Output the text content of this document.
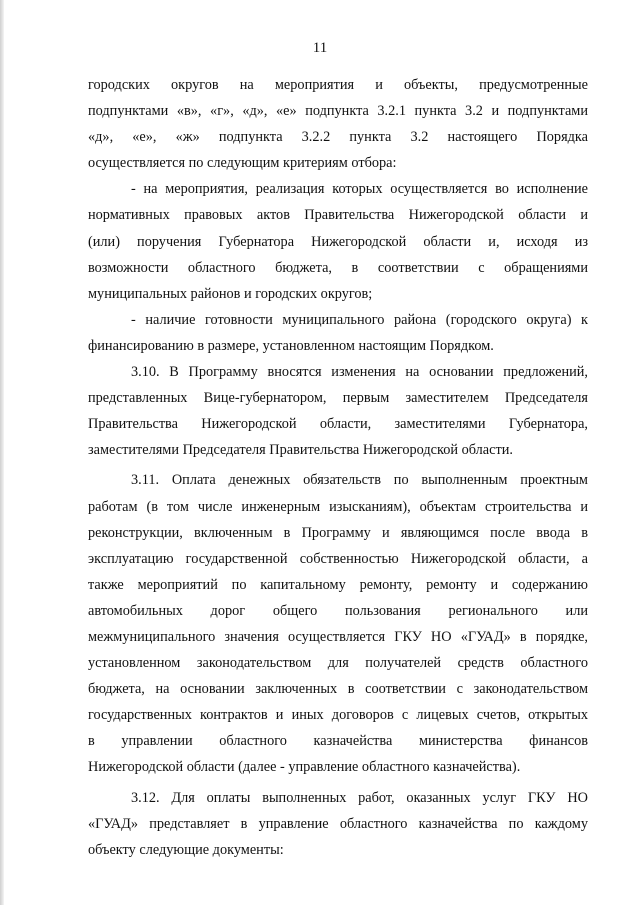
11
городских округов на мероприятия и объекты, предусмотренные
подпунктами «в», «г», «д», «е» подпункта 3.2.1 пункта 3.2 и подпунктами
«д», «е», «ж» подпункта 3.2.2 пункта 3.2 настоящего Порядка
осуществляется по следующим критериям отбора:
- на мероприятия, реализация которых осуществляется во исполнение
нормативных правовых актов Правительства Нижегородской области и
(или) поручения Губернатора Нижегородской области и, исходя из
возможности областного бюджета, в соответствии с обращениями
муниципальных районов и городских округов;
- наличие готовности муниципального района (городского округа) к
финансированию в размере, установленном настоящим Порядком.
3.10. В Программу вносятся изменения на основании предложений,
представленных Вице-губернатором, первым заместителем Председателя
Правительства Нижегородской области, заместителями Губернатора,
заместителями Председателя Правительства Нижегородской области.
3.11. Оплата денежных обязательств по выполненным проектным
работам (в том числе инженерным изысканиям), объектам строительства и
реконструкции, включенным в Программу и являющимся после ввода в
эксплуатацию государственной собственностью Нижегородской области, а
также мероприятий по капитальному ремонту, ремонту и содержанию
автомобильных дорог общего пользования регионального или
межмуниципального значения осуществляется ГКУ НО «ГУАД» в порядке,
установленном законодательством для получателей средств областного
бюджета, на основании заключенных в соответствии с законодательством
государственных контрактов и иных договоров с лицевых счетов, открытых
в управлении областного казначейства министерства финансов
Нижегородской области (далее - управление областного казначейства).
3.12. Для оплаты выполненных работ, оказанных услуг ГКУ НО
«ГУАД» представляет в управление областного казначейства по каждому
объекту следующие документы:
